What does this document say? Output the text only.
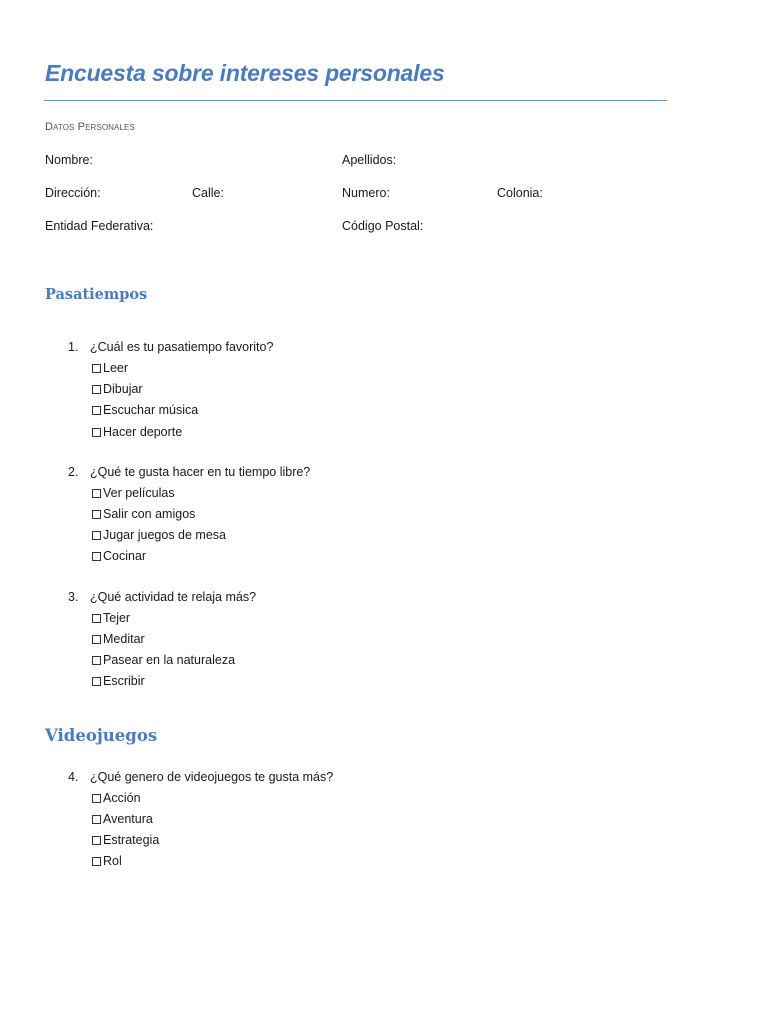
Encuesta sobre intereses personales
Datos Personales
Nombre:	Apellidos:
Dirección:	Calle:	Numero:	Colonia:
Entidad Federativa:	Código Postal:
Pasatiempos
1. ¿Cuál es tu pasatiempo favorito?
Leer
Dibujar
Escuchar música
Hacer deporte
2. ¿Qué te gusta hacer en tu tiempo libre?
Ver películas
Salir con amigos
Jugar juegos de mesa
Cocinar
3. ¿Qué actividad te relaja más?
Tejer
Meditar
Pasear en la naturaleza
Escribir
Videojuegos
4. ¿Qué genero de videojuegos te gusta más?
Acción
Aventura
Estrategia
Rol
